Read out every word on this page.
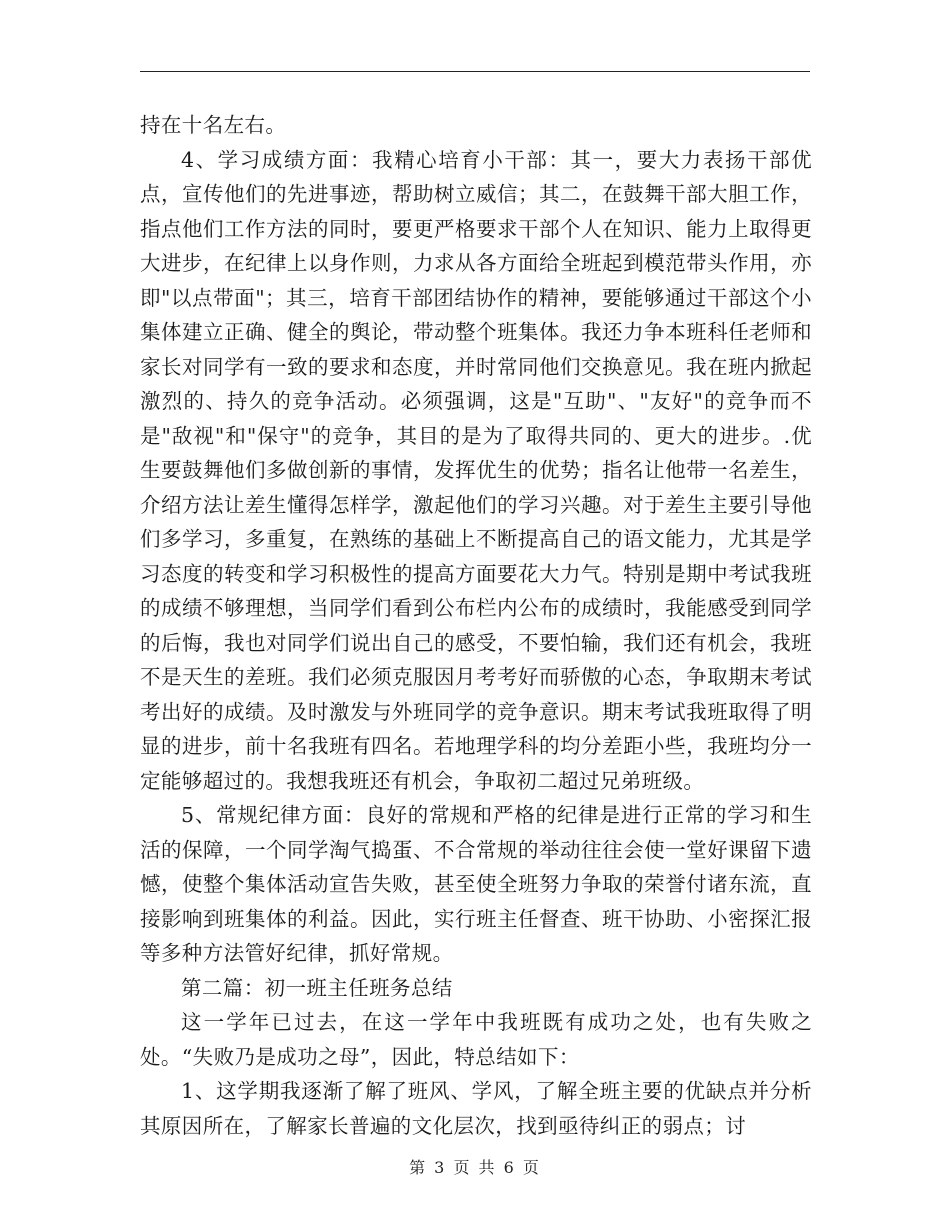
持在十名左右。

4、学习成绩方面：我精心培育小干部：其一，要大力表扬干部优点，宣传他们的先进事迹，帮助树立威信；其二，在鼓舞干部大胆工作，指点他们工作方法的同时，要更严格要求干部个人在知识、能力上取得更大进步，在纪律上以身作则，力求从各方面给全班起到模范带头作用，亦即"以点带面"；其三，培育干部团结协作的精神，要能够通过干部这个小集体建立正确、健全的舆论，带动整个班集体。我还力争本班科任老师和家长对同学有一致的要求和态度，并时常同他们交换意见。我在班内掀起激烈的、持久的竞争活动。必须强调，这是"互助"、"友好"的竞争而不是"敌视"和"保守"的竞争，其目的是为了取得共同的、更大的进步。.优生要鼓舞他们多做创新的事情，发挥优生的优势；指名让他带一名差生，介绍方法让差生懂得怎样学，激起他们的学习兴趣。对于差生主要引导他们多学习，多重复，在熟练的基础上不断提高自己的语文能力，尤其是学习态度的转变和学习积极性的提高方面要花大力气。特别是期中考试我班的成绩不够理想，当同学们看到公布栏内公布的成绩时，我能感受到同学的后悔，我也对同学们说出自己的感受，不要怕输，我们还有机会，我班不是天生的差班。我们必须克服因月考考好而骄傲的心态，争取期末考试考出好的成绩。及时激发与外班同学的竞争意识。期末考试我班取得了明显的进步，前十名我班有四名。若地理学科的均分差距小些，我班均分一定能够超过的。我想我班还有机会，争取初二超过兄弟班级。

5、常规纪律方面：良好的常规和严格的纪律是进行正常的学习和生活的保障，一个同学淘气捣蛋、不合常规的举动往往会使一堂好课留下遗憾，使整个集体活动宣告失败，甚至使全班努力争取的荣誉付诸东流，直接影响到班集体的利益。因此，实行班主任督查、班干协助、小密探汇报等多种方法管好纪律，抓好常规。

第二篇：初一班主任班务总结

这一学年已过去，在这一学年中我班既有成功之处，也有失败之处。“失败乃是成功之母”，因此，特总结如下：

1、这学期我逐渐了解了班风、学风，了解全班主要的优缺点并分析其原因所在，了解家长普遍的文化层次，找到亟待纠正的弱点；讨

第 3 页 共 6 页
